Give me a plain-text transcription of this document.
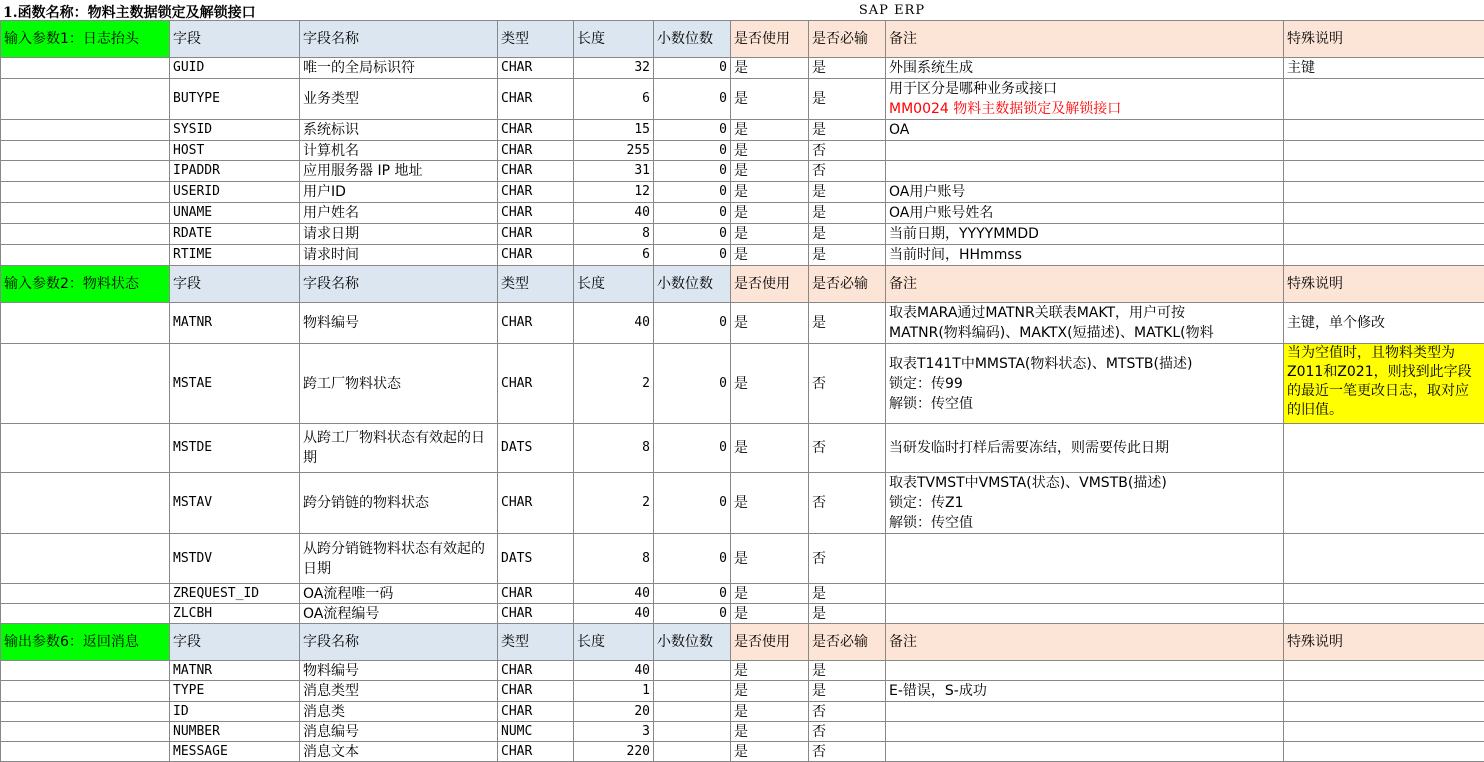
1.函数名称：物料主数据锁定及解锁接口	SAP ERP
输入参数1：日志抬头	字段	字段名称	类型	长度	小数位数	是否使用	是否必输	备注	特殊说明
	GUID	唯一的全局标识符	CHAR	32	0	是	是	外围系统生成	主键
	BUTYPE	业务类型	CHAR	6	0	是	是	用于区分是哪种业务或接口
MM0024 物料主数据锁定及解锁接口	

	SYSID	系统标识	CHAR	15	0	是	是	OA	

	HOST	计算机名	CHAR	255	0	是	否	

	IPADDR	应用服务器 IP 地址	CHAR	31	0	是	否	

	USERID	用户ID	CHAR	12	0	是	是	OA用户账号	

	UNAME	用户姓名	CHAR	40	0	是	是	OA用户账号姓名	

	RDATE	请求日期	CHAR	8	0	是	是	当前日期，YYYYMMDD	

	RTIME	请求时间	CHAR	6	0	是	是	当前时间，HHmmss	

输入参数2：物料状态	字段	字段名称	类型	长度	小数位数	是否使用	是否必输	备注	特殊说明
	MATNR	物料编号	CHAR	40	0	是	是	取表MARA通过MATNR关联表MAKT，用户可按
MATNR(物料编码)、MAKTX(短描述)、MATKL(物料	主键，单个修改
	MSTAE	跨工厂物料状态	CHAR	2	0	是	否	取表T141T中MMSTA(物料状态)、MTSTB(描述)
锁定：传99
解锁：传空值	当为空值时，且物料类型为Z011和Z021，则找到此字段的最近一笔更改日志，取对应的旧值。
	MSTDE	从跨工厂物料状态有效起的日期	DATS	8	0	是	否	当研发临时打样后需要冻结，则需要传此日期	

	MSTAV	跨分销链的物料状态	CHAR	2	0	是	否	取表TVMST中VMSTA(状态)、VMSTB(描述)
锁定：传Z1
解锁：传空值	

	MSTDV	从跨分销链物料状态有效起的日期	DATS	8	0	是	否	

	ZREQUEST_ID	OA流程唯一码	CHAR	40	0	是	是	

	ZLCBH	OA流程编号	CHAR	40	0	是	是	

输出参数6：返回消息	字段	字段名称	类型	长度	小数位数	是否使用	是否必输	备注	特殊说明
	MATNR	物料编号	CHAR	40		是	是	

	TYPE	消息类型	CHAR	1		是	是	E-错误，S-成功	

	ID	消息类	CHAR	20		是	否	

	NUMBER	消息编号	NUMC	3		是	否	

	MESSAGE	消息文本	CHAR	220		是	否	
